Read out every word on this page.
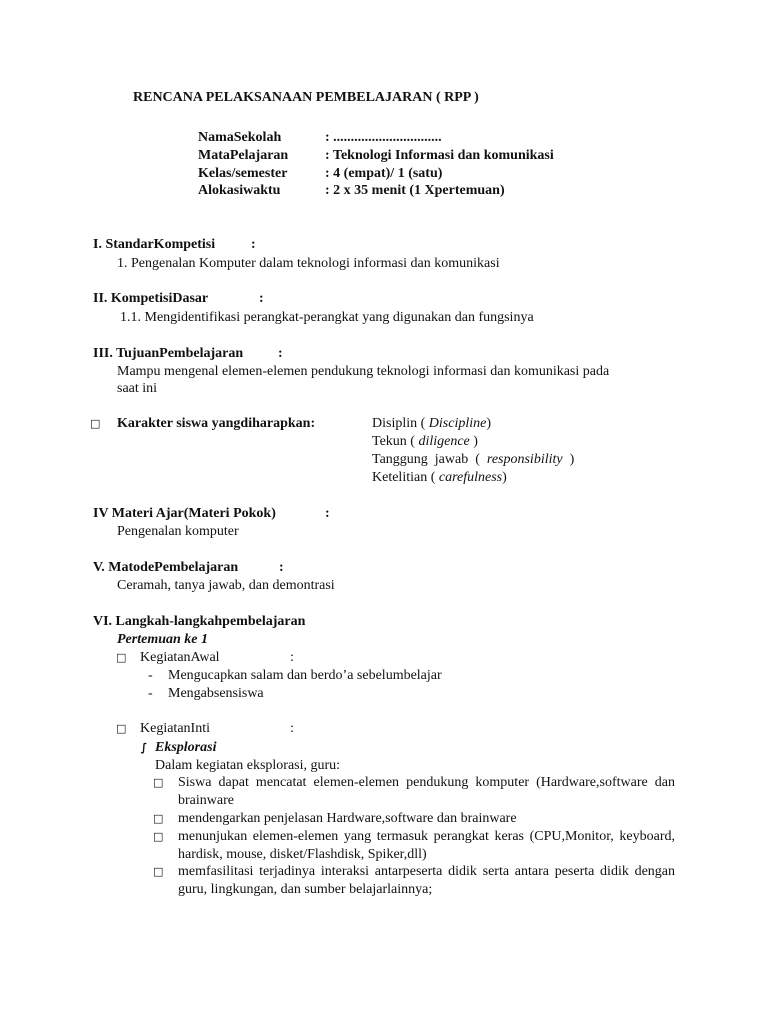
RENCANA PELAKSANAAN PEMBELAJARAN ( RPP )
NamaSekolah	: ...............................
MataPelajaran	: Teknologi Informasi dan komunikasi
Kelas/semester	: 4 (empat)/ 1 (satu)
Alokasiwaktu	: 2 x 35 menit (1 Xpertemuan)
I. StandarKompetisi	:
1. Pengenalan Komputer dalam teknologi informasi dan komunikasi
II. KompetisiDasar	:
1.1. Mengidentifikasi perangkat-perangkat yang digunakan dan fungsinya
III. TujuanPembelajaran :
Mampu mengenal elemen-elemen pendukung teknologi informasi dan komunikasi pada
saat ini
□ Karakter siswa yangdiharapkan:	Disiplin ( Discipline)
Tekun ( diligence )
Tanggung  jawab  (  responsibility  )
Ketelitian ( carefulness)
IV Materi Ajar(Materi Pokok)	:
Pengenalan komputer
V. MatodePembelajaran	:
Ceramah, tanya jawab, dan demontrasi
VI. Langkah-langkahpembelajaran
Pertemuan ke 1
□ KegiatanAwal	:
- Mengucapkan salam dan berdo’a sebelumbelajar
- Mengabsensiswa
□ KegiatanInti	:
∫ Eksplorasi
Dalam kegiatan eksplorasi, guru:
□ Siswa dapat mencatat elemen-elemen pendukung komputer (Hardware,software dan brainware
□ mendengarkan penjelasan Hardware,software dan brainware
□ menunjukan elemen-elemen yang termasuk perangkat keras (CPU,Monitor, keyboard, hardisk, mouse, disket/Flashdisk, Spiker,dll)
□ memfasilitasi terjadinya interaksi antarpeserta didik serta antara peserta didik dengan guru, lingkungan, dan sumber belajarlainnya;
